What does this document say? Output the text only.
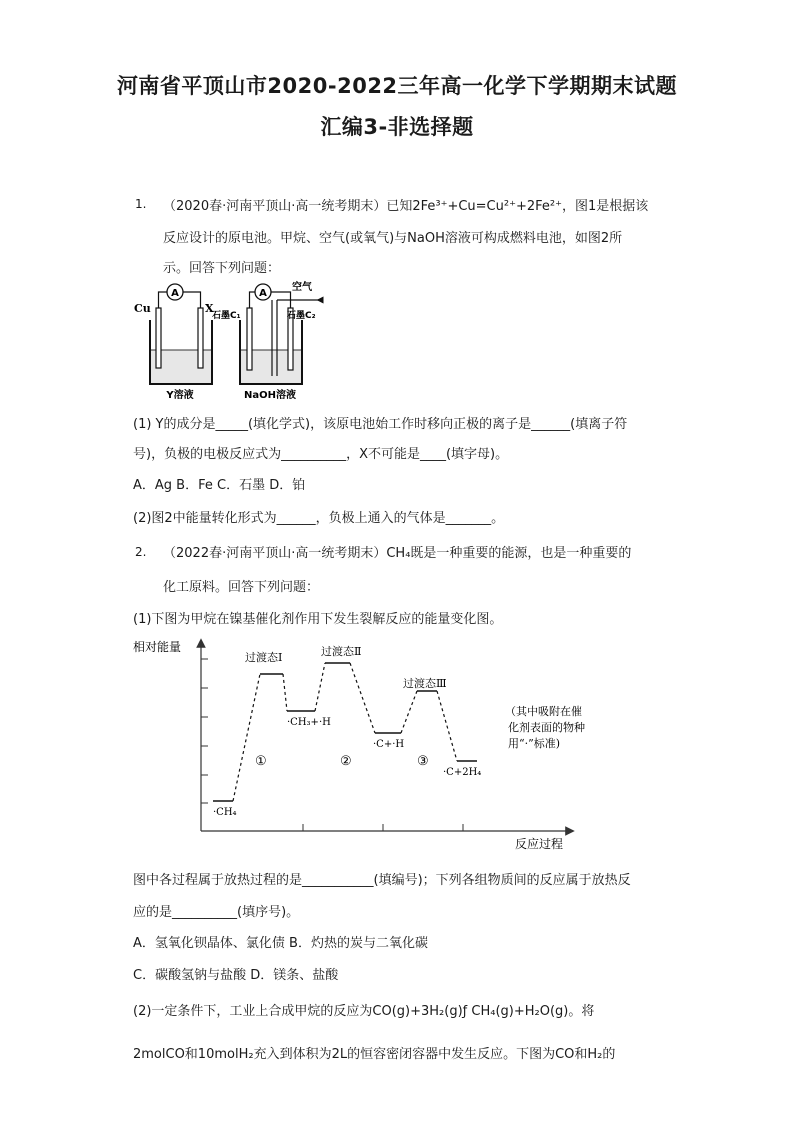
河南省平顶山市2020-2022三年高一化学下学期期末试题
汇编3-非选择题
1. （2020春·河南平顶山·高一统考期末）已知2Fe³⁺+Cu=Cu²⁺+2Fe²⁺，图1是根据该
反应设计的原电池。甲烷、空气(或氧气)与NaOH溶液可构成燃料电池，如图2所
示。回答下列问题：
A
Cu	X
Y溶液
A
空气
石墨C₁	石墨C₂
NaOH溶液
(1) Y的成分是_____(填化学式)，该原电池始工作时移向正极的离子是______(填离子符
号)，负极的电极反应式为__________，X不可能是____(填字母)。
A．Ag B．Fe C．石墨 D．铂
(2)图2中能量转化形式为______，负极上通入的气体是_______。
2. （2022春·河南平顶山·高一统考期末）CH₄既是一种重要的能源，也是一种重要的
化工原料。回答下列问题：
(1)下图为甲烷在镍基催化剂作用下发生裂解反应的能量变化图。
相对能量
反应过程
过渡态Ⅰ	过渡态Ⅱ
过渡态Ⅲ
·CH₄
·CH₃+·H
·C+·H
·C+2H₄
①	②	③
（其中吸附在催
化剂表面的物种
用“·”标准)
图中各过程属于放热过程的是___________(填编号)；下列各组物质间的反应属于放热反
应的是__________(填序号)。
A．氢氧化钡晶体、氯化债 B．灼热的炭与二氧化碳
C．碳酸氢钠与盐酸 D．镁条、盐酸
(2)一定条件下，工业上合成甲烷的反应为CO(g)+3H₂(g)ƒ CH₄(g)+H₂O(g)。将
2molCO和10molH₂充入到体积为2L的恒容密闭容器中发生反应。下图为CO和H₂的
